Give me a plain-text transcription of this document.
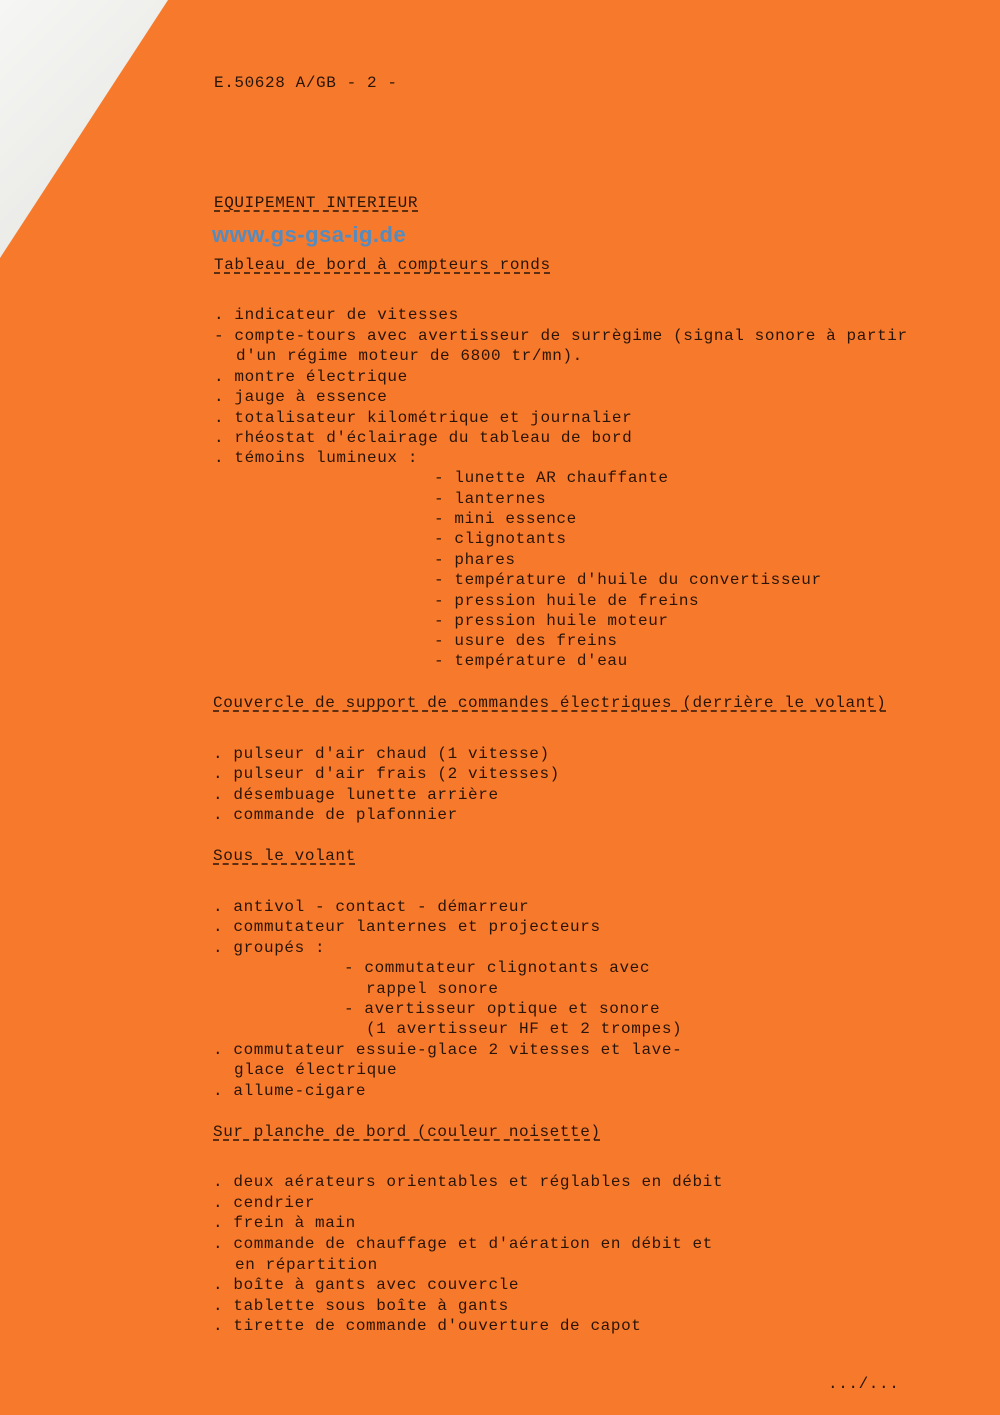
E.50628 A/GB - 2 -
EQUIPEMENT INTERIEUR
www.gs-gsa-ig.de
Tableau de bord à compteurs ronds
. indicateur de vitesses
- compte-tours avec avertisseur de surrègime (signal sonore à partir
d'un régime moteur de 6800 tr/mn).
. montre électrique
. jauge à essence
. totalisateur kilométrique et journalier
. rhéostat d'éclairage du tableau de bord
. témoins lumineux :
- lunette AR chauffante
- lanternes
- mini essence
- clignotants
- phares
- température d'huile du convertisseur
- pression huile de freins
- pression huile moteur
- usure des freins
- température d'eau
Couvercle de support de commandes électriques (derrière le volant)
. pulseur d'air chaud (1 vitesse)
. pulseur d'air frais (2 vitesses)
. désembuage lunette arrière
. commande de plafonnier
Sous le volant
. antivol - contact - démarreur
. commutateur lanternes et projecteurs
. groupés :
- commutateur clignotants avec
rappel sonore
- avertisseur optique et sonore
(1 avertisseur HF et 2 trompes)
. commutateur essuie-glace 2 vitesses et lave-
glace électrique
. allume-cigare
Sur planche de bord (couleur noisette)
. deux aérateurs orientables et réglables en débit
. cendrier
. frein à main
. commande de chauffage et d'aération en débit et
en répartition
. boîte à gants avec couvercle
. tablette sous boîte à gants
. tirette de commande d'ouverture de capot
.../...
